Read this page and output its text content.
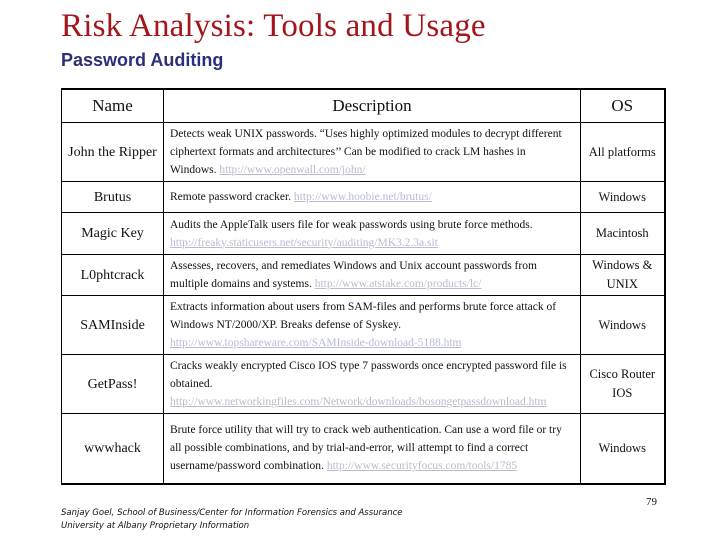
Risk Analysis: Tools and Usage
Password Auditing
Name	Description	OS
John the Ripper	Detects weak UNIX passwords. “Uses highly optimized modules to decrypt different ciphertext formats and architectures’’ Can be modified to crack LM hashes in Windows. http://www.openwall.com/john/	All platforms
Brutus	Remote password cracker. http://www.hoobie.net/brutus/	Windows
Magic Key	Audits the AppleTalk users file for weak passwords using brute force methods. http://freaky.staticusers.net/security/auditing/MK3.2.3a.sit	Macintosh
L0phtcrack	Assesses, recovers, and remediates Windows and Unix account passwords from multiple domains and systems. http://www.atstake.com/products/lc/	Windows & UNIX
SAMInside	Extracts information about users from SAM-files and performs brute force attack of Windows NT/2000/XP. Breaks defense of Syskey. http://www.topshareware.com/SAMInside-download-5188.htm	Windows
GetPass!	Cracks weakly encrypted Cisco IOS type 7 passwords once encrypted password file is obtained. http://www.networkingfiles.com/Network/downloads/bosongetpassdownload.htm	Cisco Router IOS
wwwhack	Brute force utility that will try to crack web authentication. Can use a word file or try all possible combinations, and by trial-and-error, will attempt to find a correct username/password combination. http://www.securityfocus.com/tools/1785	Windows
79
Sanjay Goel, School of Business/Center for Information Forensics and Assurance
University at Albany Proprietary Information
